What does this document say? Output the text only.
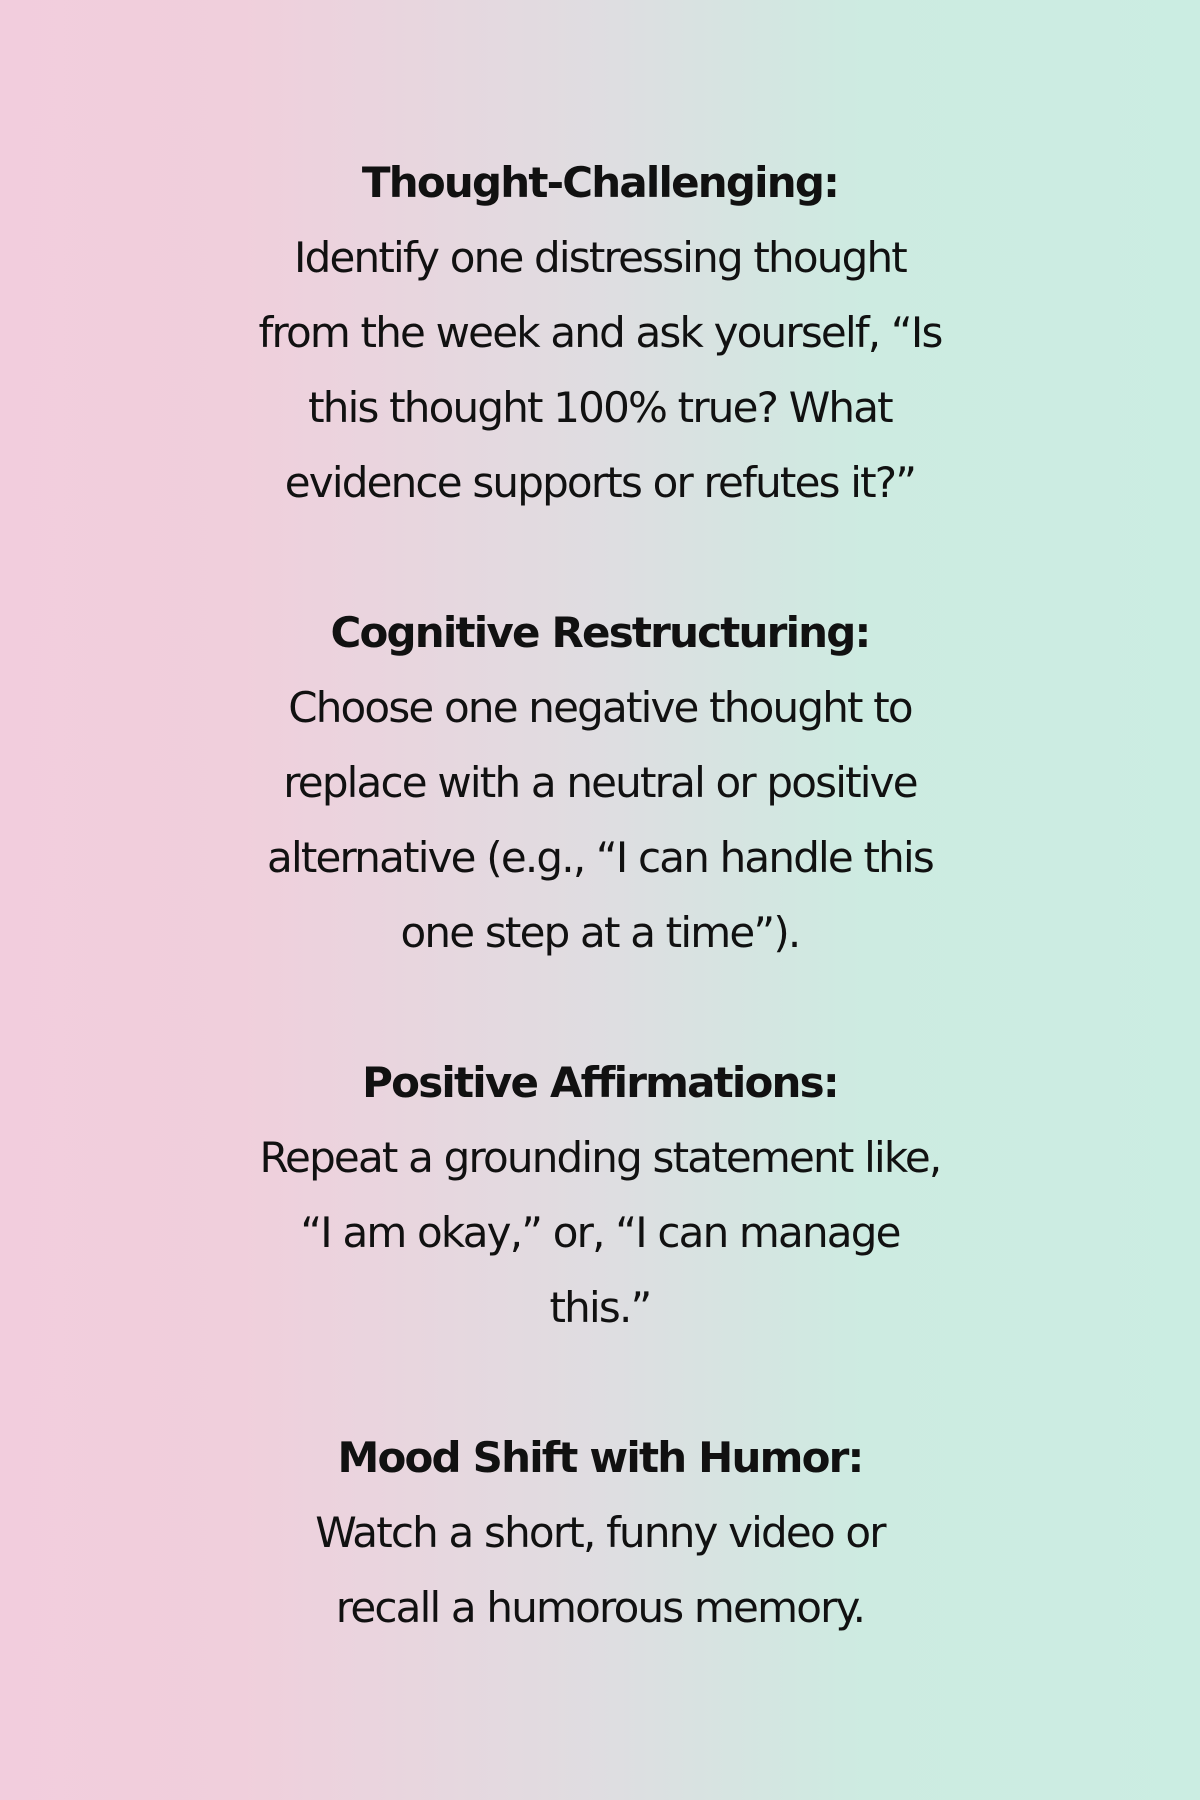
Thought-Challenging:

Identify one distressing thought
from the week and ask yourself, “Is
this thought 100% true? What
evidence supports or refutes it?”

Cognitive Restructuring:

Choose one negative thought to
replace with a neutral or positive
alternative (e.g., “I can handle this
one step at a time”).

Positive Affirmations:

Repeat a grounding statement like,
“I am okay,” or, “I can manage
this.”

Mood Shift with Humor:

Watch a short, funny video or
recall a humorous memory.
